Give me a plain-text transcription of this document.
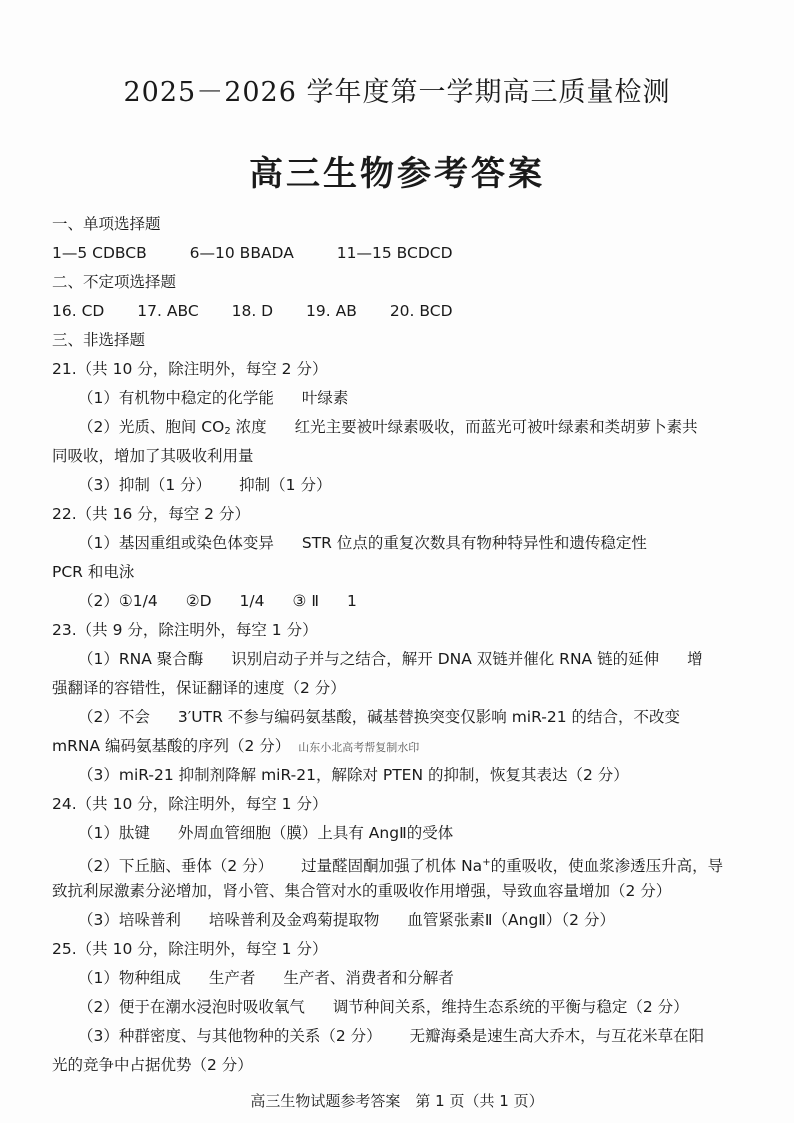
2025－2026 学年度第一学期高三质量检测
高三生物参考答案
一、单项选择题
1—5 CDBCB	6—10 BBADA	11—15 BCDCD
二、不定项选择题
16. CD 17. ABC 18. D 19. AB 20. BCD
三、非选择题
21.（共 10 分，除注明外，每空 2 分）
（1）有机物中稳定的化学能 叶绿素
（2）光质、胞间 $CO_2$ 浓度 红光主要被叶绿素吸收，而蓝光可被叶绿素和类胡萝卜素共
同吸收，增加了其吸收利用量
（3）抑制（1 分） 抑制（1 分）
22.（共 16 分，每空 2 分）
（1）基因重组或染色体变异 STR 位点的重复次数具有物种特异性和遗传稳定性
PCR 和电泳
（2）①1/4 ②D 1/4 ③ Ⅱ 1
23.（共 9 分，除注明外，每空 1 分）
（1）RNA 聚合酶 识别启动子并与之结合，解开 DNA 双链并催化 RNA 链的延伸 增
强翻译的容错性，保证翻译的速度（2 分）
（2）不会 3′UTR 不参与编码氨基酸，碱基替换突变仅影响 miR-21 的结合，不改变
mRNA 编码氨基酸的序列（2 分） 山东小北高考帮复制水印
（3）miR-21 抑制剂降解 miR-21，解除对 PTEN 的抑制，恢复其表达（2 分）
24.（共 10 分，除注明外，每空 1 分）
（1）肽键 外周血管细胞（膜）上具有 AngⅡ的受体
（2）下丘脑、垂体（2 分） 过量醛固酮加强了机体 Na+的重吸收，使血浆渗透压升高，导
致抗利尿激素分泌增加，肾小管、集合管对水的重吸收作用增强，导致血容量增加（2 分）
（3）培哚普利 培哚普利及金鸡菊提取物 血管紧张素Ⅱ（AngⅡ）（2 分）
25.（共 10 分，除注明外，每空 1 分）
（1）物种组成 生产者 生产者、消费者和分解者
（2）便于在潮水浸泡时吸收氧气 调节种间关系，维持生态系统的平衡与稳定（2 分）
（3）种群密度、与其他物种的关系（2 分） 无瓣海桑是速生高大乔木，与互花米草在阳
光的竞争中占据优势（2 分）
高三生物试题参考答案　第 1 页（共 1 页）
